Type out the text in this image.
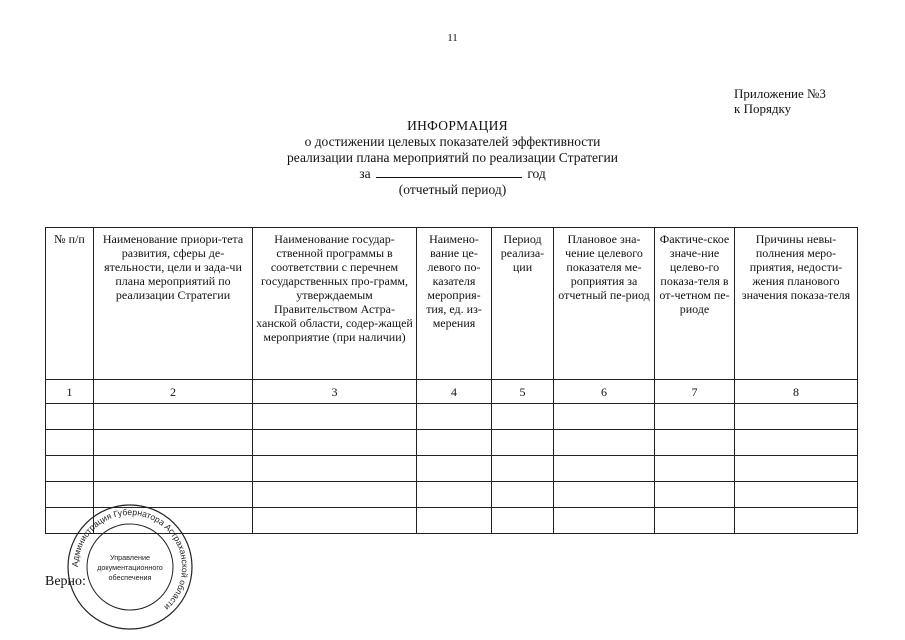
11
Приложение №3
к Порядку
ИНФОРМАЦИЯ
о достижении целевых показателей эффективности
реализации плана мероприятий по реализации Стратегии
за	год
(отчетный период)
№ п/п	Наименование приори-тета развития, сферы де-ятельности, цели и зада-чи плана мероприятий по реализации Стратегии	Наименование государ-ственной программы в соответствии с перечнем государственных про-грамм, утверждаемым Правительством Астра-ханской области, содер-жащей мероприятие (при наличии)	Наимено-вание це-левого по-казателя мероприя-тия, ед. из-мерения	Период реализа-ции	Плановое зна-чение целевого показателя ме-роприятия за отчетный пе-риод	Фактиче-ское значе-ние целево-го показа-теля в от-четном пе-риоде	Причины невы-полнения меро-приятия, недости-жения планового значения показа-теля
1	2	3	4	5	6	7	8

Верно:
Администрация Губернатора Астраханской области
Управление
документационного
обеспечения
